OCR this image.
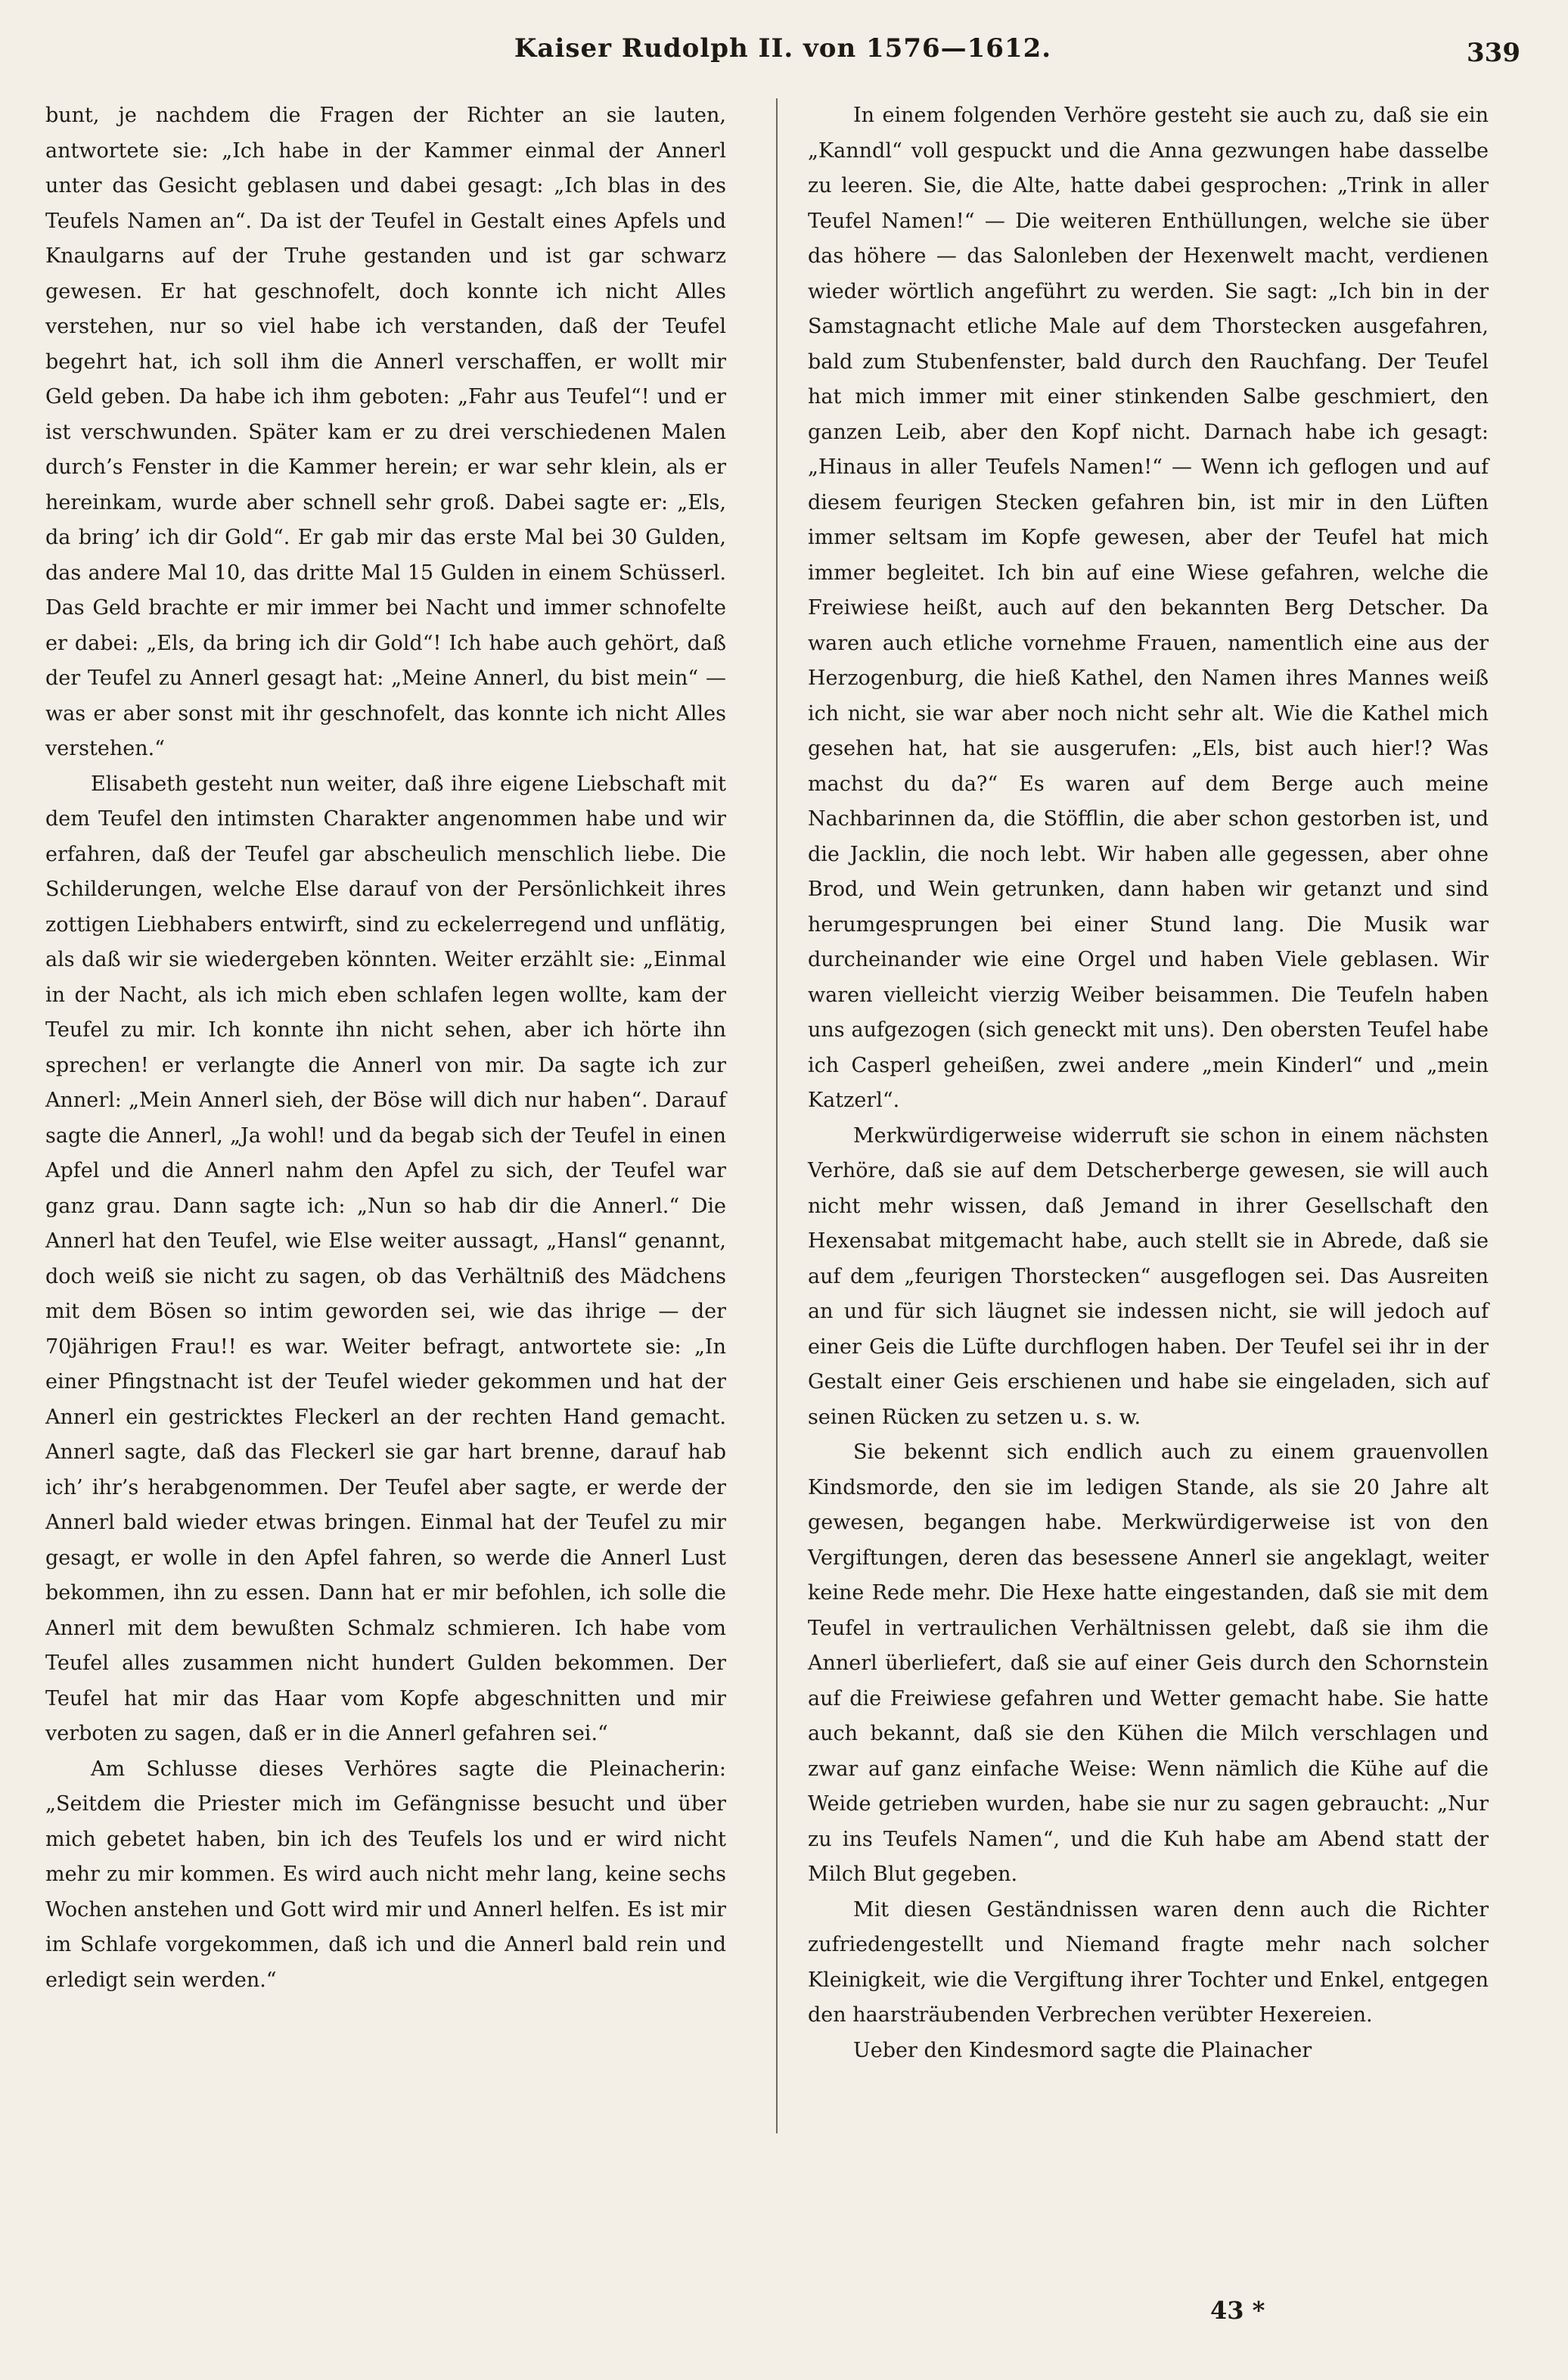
Kaiser Rudolph II. von 1576—1612.	339

bunt, je nachdem die Fragen der Richter an sie lauten, antwortete sie: „Ich habe in der Kammer einmal der Annerl unter das Gesicht geblasen und dabei gesagt: „Ich blas in des Teufels Namen an“. Da ist der Teufel in Gestalt eines Apfels und Knaulgarns auf der Truhe gestanden und ist gar schwarz gewesen. Er hat geschnofelt, doch konnte ich nicht Alles verstehen, nur so viel habe ich verstanden, daß der Teufel begehrt hat, ich soll ihm die Annerl verschaffen, er wollt mir Geld geben. Da habe ich ihm geboten: „Fahr aus Teufel“! und er ist verschwunden. Später kam er zu drei verschiedenen Malen durch’s Fenster in die Kammer herein; er war sehr klein, als er hereinkam, wurde aber schnell sehr groß. Dabei sagte er: „Els, da bring’ ich dir Gold“. Er gab mir das erste Mal bei 30 Gulden, das andere Mal 10, das dritte Mal 15 Gulden in einem Schüsserl. Das Geld brachte er mir immer bei Nacht und immer schnofelte er dabei: „Els, da bring ich dir Gold“! Ich habe auch gehört, daß der Teufel zu Annerl gesagt hat: „Meine Annerl, du bist mein“ — was er aber sonst mit ihr geschnofelt, das konnte ich nicht Alles verstehen.“

Elisabeth gesteht nun weiter, daß ihre eigene Liebschaft mit dem Teufel den intimsten Charakter angenommen habe und wir erfahren, daß der Teufel gar abscheulich menschlich liebe. Die Schilderungen, welche Else darauf von der Persönlichkeit ihres zottigen Liebhabers entwirft, sind zu eckelerregend und unflätig, als daß wir sie wiedergeben könnten. Weiter erzählt sie: „Einmal in der Nacht, als ich mich eben schlafen legen wollte, kam der Teufel zu mir. Ich konnte ihn nicht sehen, aber ich hörte ihn sprechen! er verlangte die Annerl von mir. Da sagte ich zur Annerl: „Mein Annerl sieh, der Böse will dich nur haben“. Darauf sagte die Annerl, „Ja wohl! und da begab sich der Teufel in einen Apfel und die Annerl nahm den Apfel zu sich, der Teufel war ganz grau. Dann sagte ich: „Nun so hab dir die Annerl.“ Die Annerl hat den Teufel, wie Else weiter aussagt, „Hansl“ genannt, doch weiß sie nicht zu sagen, ob das Verhältniß des Mädchens mit dem Bösen so intim geworden sei, wie das ihrige — der 70jährigen Frau!! es war. Weiter befragt, antwortete sie: „In einer Pfingstnacht ist der Teufel wieder gekommen und hat der Annerl ein gestricktes Fleckerl an der rechten Hand gemacht. Annerl sagte, daß das Fleckerl sie gar hart brenne, darauf hab ich’ ihr’s herabgenommen. Der Teufel aber sagte, er werde der Annerl bald wieder etwas bringen. Einmal hat der Teufel zu mir gesagt, er wolle in den Apfel fahren, so werde die Annerl Lust bekommen, ihn zu essen. Dann hat er mir befohlen, ich solle die Annerl mit dem bewußten Schmalz schmieren. Ich habe vom Teufel alles zusammen nicht hundert Gulden bekommen. Der Teufel hat mir das Haar vom Kopfe abgeschnitten und mir verboten zu sagen, daß er in die Annerl gefahren sei.“

Am Schlusse dieses Verhöres sagte die Pleinacherin: „Seitdem die Priester mich im Gefängnisse besucht und über mich gebetet haben, bin ich des Teufels los und er wird nicht mehr zu mir kommen. Es wird auch nicht mehr lang, keine sechs Wochen anstehen und Gott wird mir und Annerl helfen. Es ist mir im Schlafe vorgekommen, daß ich und die Annerl bald rein und erledigt sein werden.“

In einem folgenden Verhöre gesteht sie auch zu, daß sie ein „Kanndl“ voll gespuckt und die Anna gezwungen habe dasselbe zu leeren. Sie, die Alte, hatte dabei gesprochen: „Trink in aller Teufel Namen!“ — Die weiteren Enthüllungen, welche sie über das höhere — das Salonleben der Hexenwelt macht, verdienen wieder wörtlich angeführt zu werden. Sie sagt: „Ich bin in der Samstagnacht etliche Male auf dem Thorstecken ausgefahren, bald zum Stubenfenster, bald durch den Rauchfang. Der Teufel hat mich immer mit einer stinkenden Salbe geschmiert, den ganzen Leib, aber den Kopf nicht. Darnach habe ich gesagt: „Hinaus in aller Teufels Namen!“ — Wenn ich geflogen und auf diesem feurigen Stecken gefahren bin, ist mir in den Lüften immer seltsam im Kopfe gewesen, aber der Teufel hat mich immer begleitet. Ich bin auf eine Wiese gefahren, welche die Freiwiese heißt, auch auf den bekannten Berg Detscher. Da waren auch etliche vornehme Frauen, namentlich eine aus der Herzogenburg, die hieß Kathel, den Namen ihres Mannes weiß ich nicht, sie war aber noch nicht sehr alt. Wie die Kathel mich gesehen hat, hat sie ausgerufen: „Els, bist auch hier!? Was machst du da?“ Es waren auf dem Berge auch meine Nachbarinnen da, die Stöfflin, die aber schon gestorben ist, und die Jacklin, die noch lebt. Wir haben alle gegessen, aber ohne Brod, und Wein getrunken, dann haben wir getanzt und sind herumgesprungen bei einer Stund lang. Die Musik war durcheinander wie eine Orgel und haben Viele geblasen. Wir waren vielleicht vierzig Weiber beisammen. Die Teufeln haben uns aufgezogen (sich geneckt mit uns). Den obersten Teufel habe ich Casperl geheißen, zwei andere „mein Kinderl“ und „mein Katzerl“.

Merkwürdigerweise widerruft sie schon in einem nächsten Verhöre, daß sie auf dem Detscherberge gewesen, sie will auch nicht mehr wissen, daß Jemand in ihrer Gesellschaft den Hexensabat mitgemacht habe, auch stellt sie in Abrede, daß sie auf dem „feurigen Thorstecken“ ausgeflogen sei. Das Ausreiten an und für sich läugnet sie indessen nicht, sie will jedoch auf einer Geis die Lüfte durchflogen haben. Der Teufel sei ihr in der Gestalt einer Geis erschienen und habe sie eingeladen, sich auf seinen Rücken zu setzen u. s. w.

Sie bekennt sich endlich auch zu einem grauenvollen Kindsmorde, den sie im ledigen Stande, als sie 20 Jahre alt gewesen, begangen habe. Merkwürdigerweise ist von den Vergiftungen, deren das besessene Annerl sie angeklagt, weiter keine Rede mehr. Die Hexe hatte eingestanden, daß sie mit dem Teufel in vertraulichen Verhältnissen gelebt, daß sie ihm die Annerl überliefert, daß sie auf einer Geis durch den Schornstein auf die Freiwiese gefahren und Wetter gemacht habe. Sie hatte auch bekannt, daß sie den Kühen die Milch verschlagen und zwar auf ganz einfache Weise: Wenn nämlich die Kühe auf die Weide getrieben wurden, habe sie nur zu sagen gebraucht: „Nur zu ins Teufels Namen“, und die Kuh habe am Abend statt der Milch Blut gegeben.

Mit diesen Geständnissen waren denn auch die Richter zufriedengestellt und Niemand fragte mehr nach solcher Kleinigkeit, wie die Vergiftung ihrer Tochter und Enkel, entgegen den haarsträubenden Verbrechen verübter Hexereien.

Ueber den Kindesmord sagte die Plainacher

43 *
